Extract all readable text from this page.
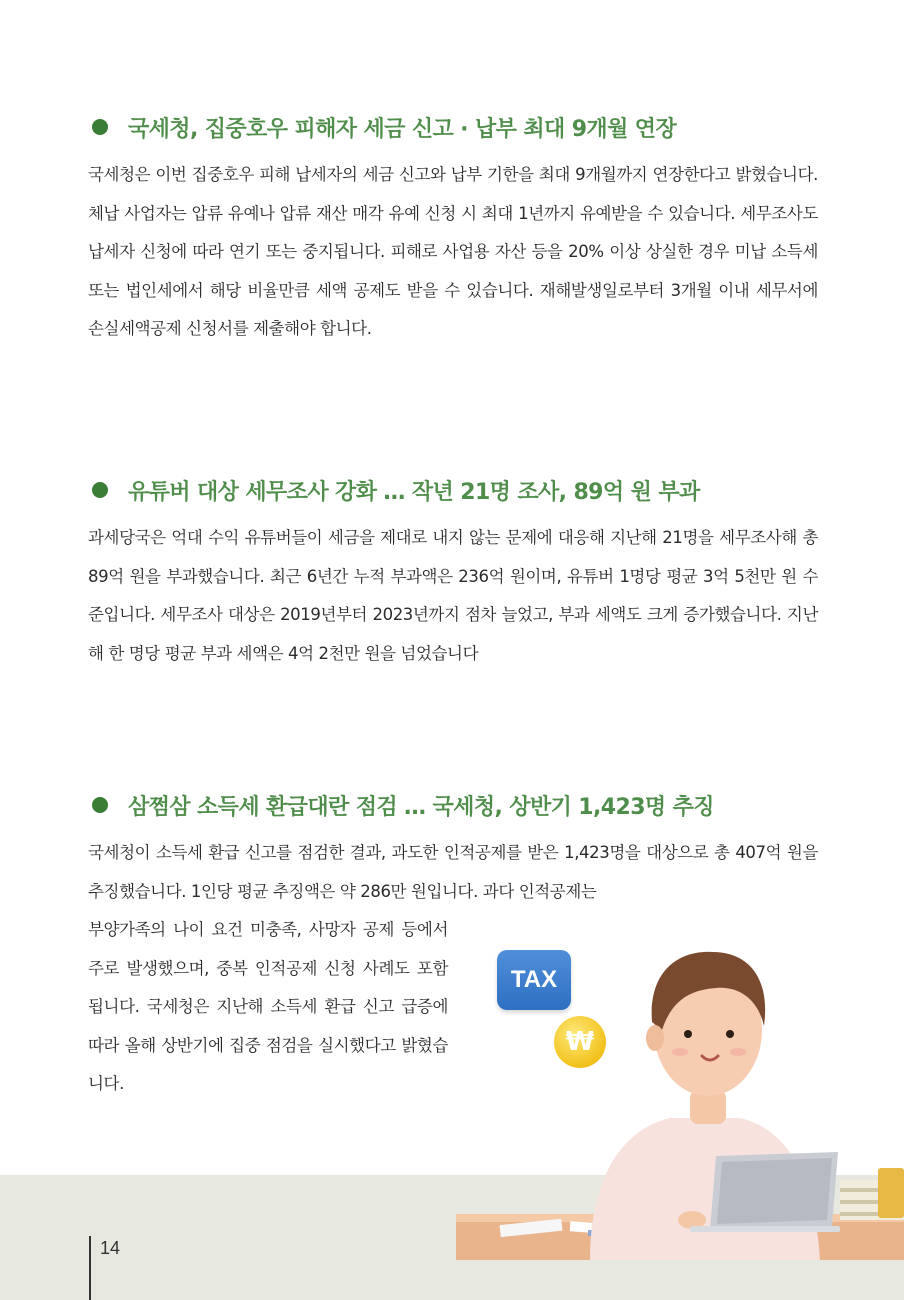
국세청, 집중호우 피해자 세금 신고 · 납부 최대 9개월 연장
국세청은 이번 집중호우 피해 납세자의 세금 신고와 납부 기한을 최대 9개월까지 연장한다고 밝혔습니다. 체납 사업자는 압류 유예나 압류 재산 매각 유예 신청 시 최대 1년까지 유예받을 수 있습니다. 세무조사도 납세자 신청에 따라 연기 또는 중지됩니다. 피해로 사업용 자산 등을 20% 이상 상실한 경우 미납 소득세 또는 법인세에서 해당 비율만큼 세액 공제도 받을 수 있습니다. 재해발생일로부터 3개월 이내 세무서에 손실세액공제 신청서를 제출해야 합니다.
유튜버 대상 세무조사 강화 … 작년 21명 조사, 89억 원 부과
과세당국은 억대 수익 유튜버들이 세금을 제대로 내지 않는 문제에 대응해 지난해 21명을 세무조사해 총 89억 원을 부과했습니다. 최근 6년간 누적 부과액은 236억 원이며, 유튜버 1명당 평균 3억 5천만 원 수준입니다. 세무조사 대상은 2019년부터 2023년까지 점차 늘었고, 부과 세액도 크게 증가했습니다. 지난해 한 명당 평균 부과 세액은 4억 2천만 원을 넘었습니다
삼쩜삼 소득세 환급대란 점검 … 국세청, 상반기 1,423명 추징
국세청이 소득세 환급 신고를 점검한 결과, 과도한 인적공제를 받은 1,423명을 대상으로 총 407억 원을 추징했습니다. 1인당 평균 추징액은 약 286만 원입니다. 과다 인적공제는
부양가족의 나이 요건 미충족, 사망자 공제 등에서 주로 발생했으며, 중복 인적공제 신청 사례도 포함됩니다. 국세청은 지난해 소득세 환급 신고 급증에 따라 올해 상반기에 집중 점검을 실시했다고 밝혔습니다.
TAX
₩
14
